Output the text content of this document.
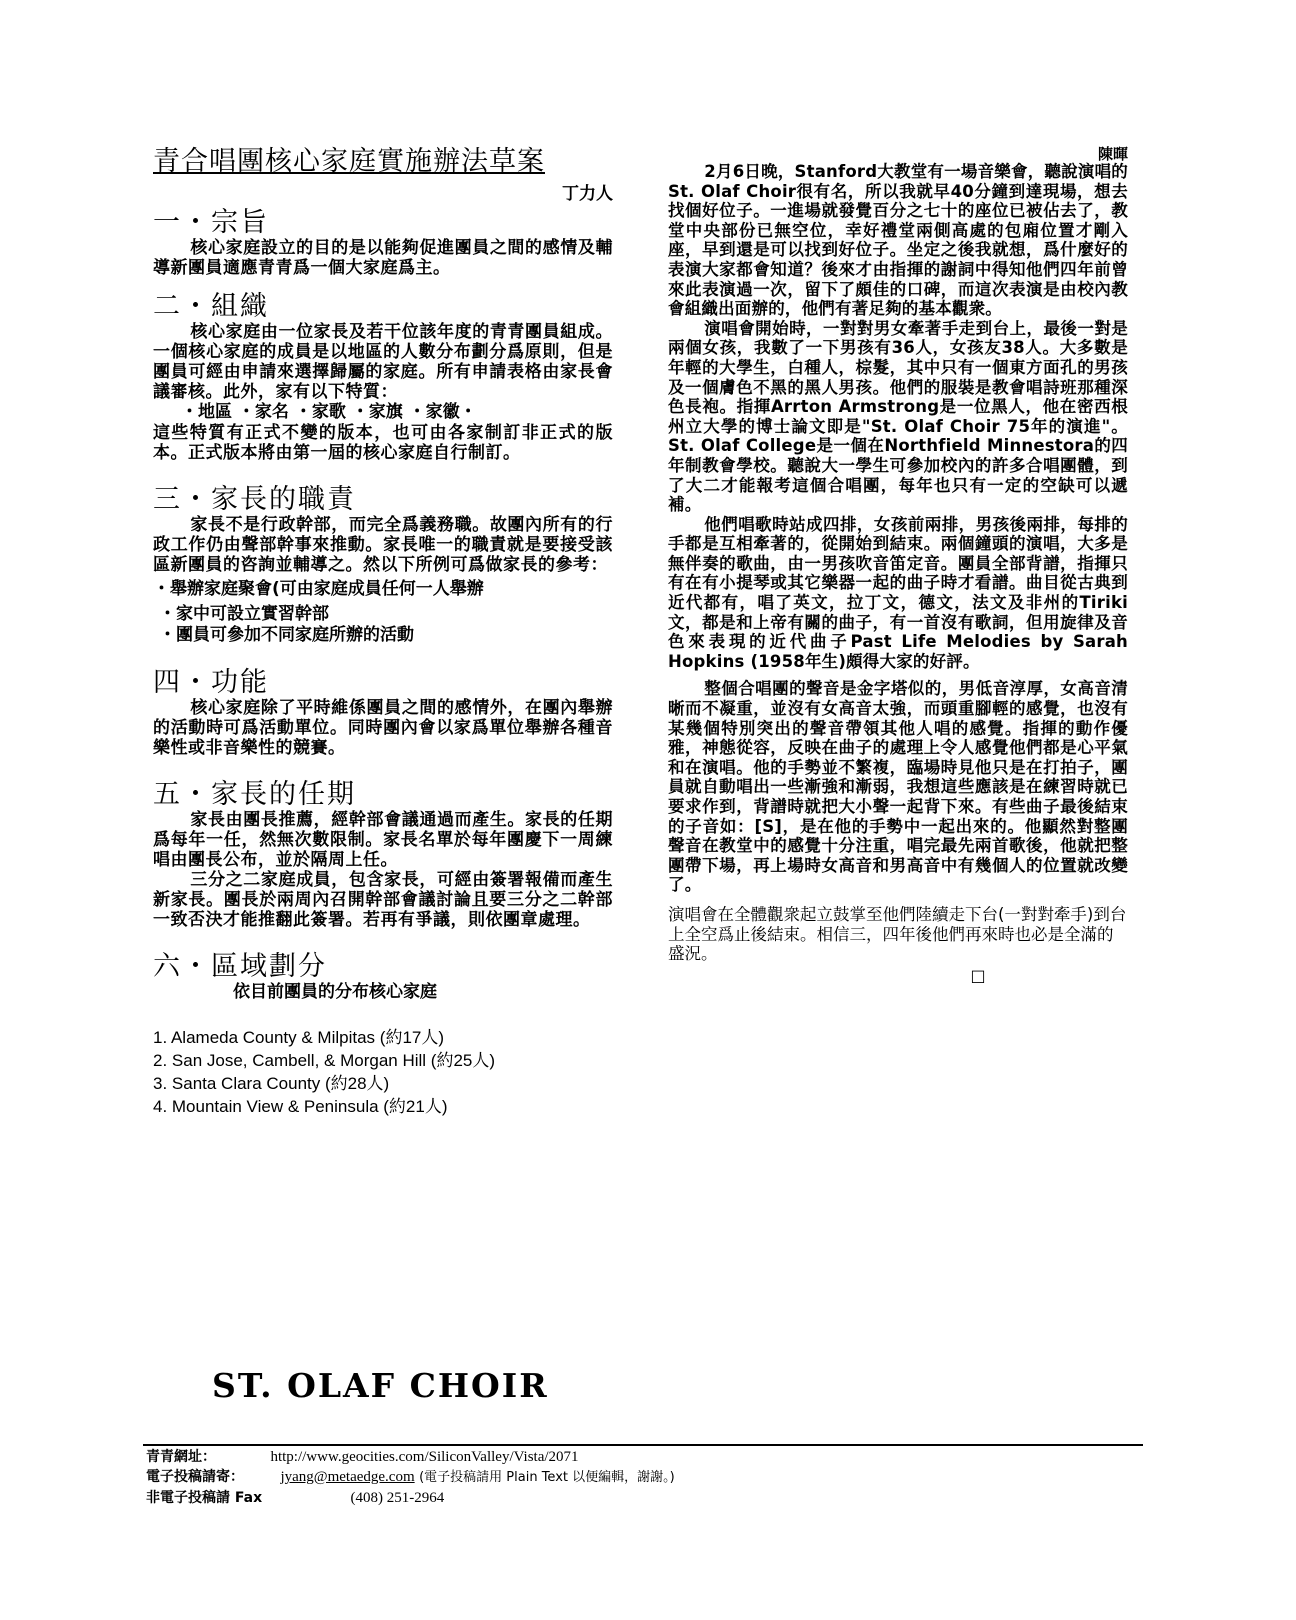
青合唱團核心家庭實施辦法草案
丁力人
一・宗旨

核心家庭設立的目的是以能夠促進團員之間的感情及輔導新團員適應青青爲一個大家庭爲主。

二・組織

核心家庭由一位家長及若干位該年度的青青團員組成。一個核心家庭的成員是以地區的人數分布劃分爲原則，但是團員可經由申請來選擇歸屬的家庭。所有申請表格由家長會議審核。此外，家有以下特質：

・地區 ・家名 ・家歌 ・家旗 ・家徽・

這些特質有正式不變的版本，也可由各家制訂非正式的版本。正式版本將由第一屆的核心家庭自行制訂。

三・家長的職責

家長不是行政幹部，而完全爲義務職。故團內所有的行政工作仍由聲部幹事來推動。家長唯一的職責就是要接受該區新團員的咨詢並輔導之。然以下所例可爲做家長的參考：

・舉辦家庭聚會(可由家庭成員任何一人舉辦

・家中可設立實習幹部

・團員可參加不同家庭所辦的活動

四・功能

核心家庭除了平時維係團員之間的感情外，在團內舉辦的活動時可爲活動單位。同時團內會以家爲單位舉辦各種音樂性或非音樂性的競賽。

五・家長的任期

家長由團長推薦，經幹部會議通過而產生。家長的任期爲每年一任，然無次數限制。家長名單於每年團慶下一周練唱由團長公布，並於隔周上任。

三分之二家庭成員，包含家長，可經由簽署報備而產生新家長。團長於兩周內召開幹部會議討論且要三分之二幹部一致否決才能推翻此簽署。若再有爭議，則依團章處理。

六・區域劃分

依目前團員的分布核心家庭

1. Alameda County & Milpitas (約17人)
2. San Jose, Cambell, & Morgan Hill (約25人)
3. Santa Clara County (約28人)
4. Mountain View & Peninsula (約21人)
ST. OLAF CHOIR
陳暉

2月6日晚，Stanford大教堂有一場音樂會，聽說演唱的St. Olaf Choir很有名，所以我就早40分鐘到達現場，想去找個好位子。一進場就發覺百分之七十的座位已被佔去了，教堂中央部份已無空位，幸好禮堂兩側高處的包廂位置才剛入座，早到還是可以找到好位子。坐定之後我就想，爲什麼好的表演大家都會知道？後來才由指揮的謝詞中得知他們四年前曾來此表演過一次，留下了頗佳的口碑，而這次表演是由校內教會組織出面辦的，他們有著足夠的基本觀衆。

演唱會開始時，一對對男女牽著手走到台上，最後一對是兩個女孩，我數了一下男孩有36人，女孩友38人。大多數是年輕的大學生，白種人，棕髮，其中只有一個東方面孔的男孩及一個膚色不黑的黑人男孩。他們的服裝是教會唱詩班那種深色長袍。指揮Arrton Armstrong是一位黑人，他在密西根州立大學的博士論文即是"St. Olaf Choir 75年的演進"。St. Olaf College是一個在Northfield Minnestora的四年制教會學校。聽說大一學生可參加校內的許多合唱團體，到了大二才能報考這個合唱團，每年也只有一定的空缺可以遞補。

他們唱歌時站成四排，女孩前兩排，男孩後兩排，每排的手都是互相牽著的，從開始到結束。兩個鐘頭的演唱，大多是無伴奏的歌曲，由一男孩吹音笛定音。團員全部背譜，指揮只有在有小提琴或其它樂器一起的曲子時才看譜。曲目從古典到近代都有，唱了英文，拉丁文，德文，法文及非州的Tiriki文，都是和上帝有關的曲子，有一首沒有歌詞，但用旋律及音色來表現的近代曲子Past Life Melodies by Sarah Hopkins (1958年生)頗得大家的好評。

整個合唱團的聲音是金字塔似的，男低音淳厚，女高音清晰而不凝重，並沒有女高音太強，而頭重腳輕的感覺，也沒有某幾個特別突出的聲音帶領其他人唱的感覺。指揮的動作優雅，神態從容，反映在曲子的處理上令人感覺他們都是心平氣和在演唱。他的手勢並不繁複，臨場時見他只是在打拍子，團員就自動唱出一些漸強和漸弱，我想這些應該是在練習時就已要求作到，背譜時就把大小聲一起背下來。有些曲子最後結束的子音如：[S]，是在他的手勢中一起出來的。他顯然對整團聲音在教堂中的感覺十分注重，唱完最先兩首歌後，他就把整團帶下場，再上場時女高音和男高音中有幾個人的位置就改變了。

演唱會在全體觀衆起立鼓掌至他們陸續走下台(一對對牽手)到台上全空爲止後結束。相信三，四年後他們再來時也必是全滿的盛況。

□
青青網址：	http://www.geocities.com/SiliconValley/Vista/2071
電子投稿請寄： jyang@metaedge.com (電子投稿請用 Plain Text 以便編輯，謝謝。)
非電子投稿請 Fax	(408) 251-2964
